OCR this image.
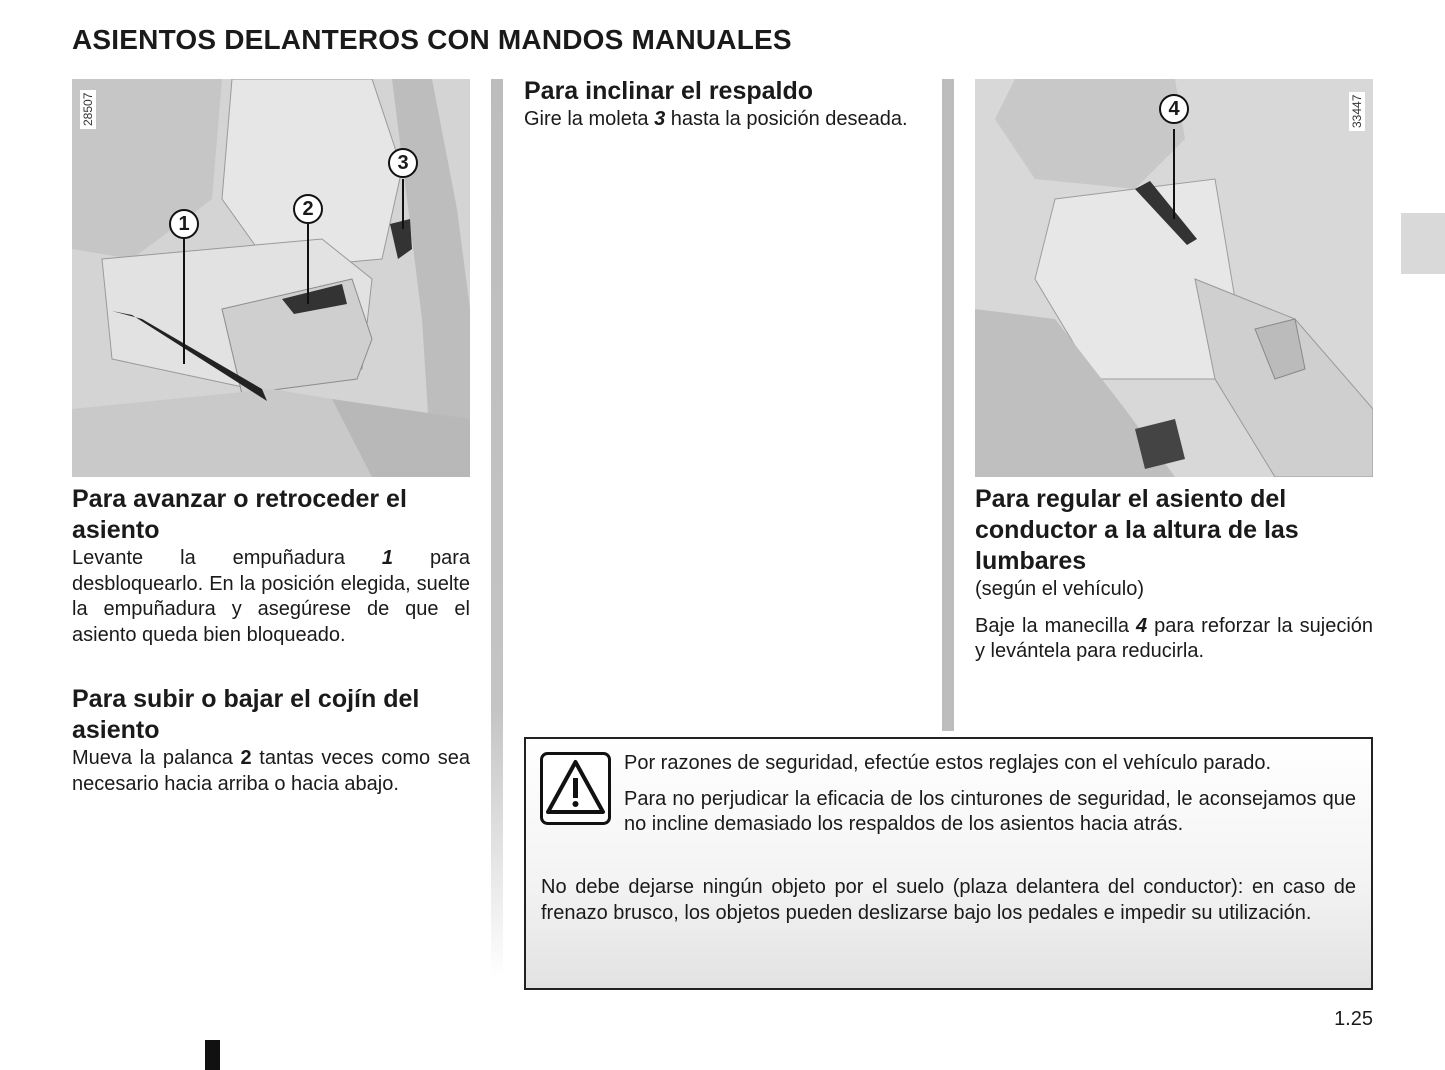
ASIENTOS DELANTEROS CON MANDOS MANUALES
1
2
3
28507
Para avanzar o retroceder el asiento

Levante la empuñadura 1 para desbloquearlo. En la posición elegida, suelte la empuñadura y asegúrese de que el asiento queda bien bloqueado.

Para subir o bajar el cojín del asiento

Mueva la palanca 2 tantas veces como sea necesario hacia arriba o hacia abajo.

Para inclinar el respaldo

Gire la moleta 3 hasta la posición deseada.	4	33447
Para regular el asiento del conductor a la altura de las lumbares

(según el vehículo)

Baje la manecilla 4 para reforzar la sujeción y levántela para reducirla.

Por razones de seguridad, efectúe estos reglajes con el vehículo parado.

Para no perjudicar la eficacia de los cinturones de seguridad, le aconsejamos que no incline demasiado los respaldos de los asientos hacia atrás.

No debe dejarse ningún objeto por el suelo (plaza delantera del conductor): en caso de frenazo brusco, los objetos pueden deslizarse bajo los pedales e impedir su utilización.

1.25
